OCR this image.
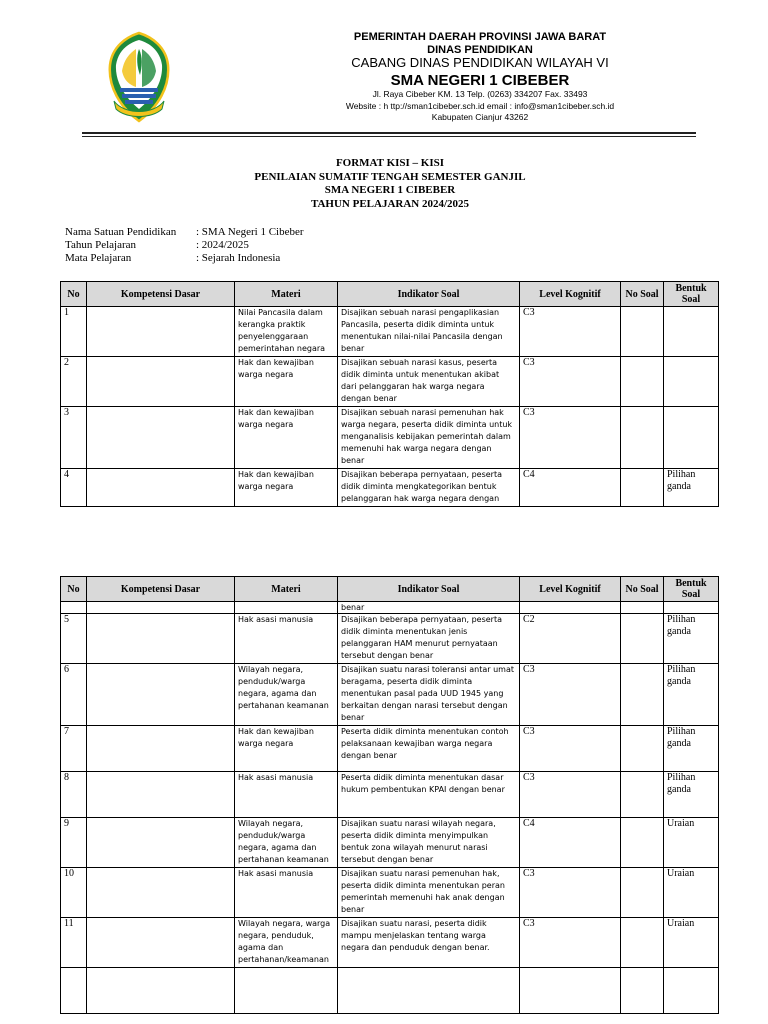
PEMERINTAH DAERAH PROVINSI JAWA BARAT
DINAS PENDIDIKAN
CABANG DINAS PENDIDIKAN WILAYAH VI
SMA NEGERI 1 CIBEBER
Jl. Raya Cibeber KM. 13 Telp. (0263) 334207 Fax. 33493
Website : h ttp://sman1cibeber.sch.id email : info@sman1cibeber.sch.id
Kabupaten Cianjur 43262
FORMAT KISI – KISI
PENILAIAN SUMATIF TENGAH SEMESTER GANJIL
SMA NEGERI 1 CIBEBER
TAHUN PELAJARAN 2024/2025
Nama Satuan Pendidikan	: SMA Negeri 1 Cibeber
Tahun Pelajaran	: 2024/2025
Mata Pelajaran	: Sejarah Indonesia
No	Kompetensi Dasar	Materi	Indikator Soal	Level Kognitif	No Soal	Bentuk Soal

1		Nilai Pancasila dalam kerangka praktik penyelenggaraan pemerintahan negara	Disajikan sebuah narasi pengaplikasian Pancasila, peserta didik diminta untuk menentukan nilai-nilai Pancasila dengan benar	C3		

2		Hak dan kewajiban warga negara	Disajikan sebuah narasi kasus, peserta didik diminta untuk menentukan akibat dari pelanggaran hak warga negara dengan benar	C3		

3		Hak dan kewajiban warga negara	Disajikan sebuah narasi pemenuhan hak warga negara, peserta didik diminta untuk menganalisis kebijakan pemerintah dalam memenuhi hak warga negara dengan benar	C3		

4		Hak dan kewajiban warga negara	Disajikan beberapa pernyataan, peserta didik diminta mengkategorikan bentuk pelanggaran hak warga negara dengan	C4		Pilihan ganda
No	Kompetensi Dasar	Materi	Indikator Soal	Level Kognitif	No Soal	Bentuk Soal

			benar			

5		Hak asasi manusia	Disajikan beberapa pernyataan, peserta didik diminta menentukan jenis pelanggaran HAM menurut pernyataan tersebut dengan benar	C2		Pilihan ganda

6		Wilayah negara, penduduk/warga negara, agama dan pertahanan keamanan	Disajikan suatu narasi toleransi antar umat beragama, peserta didik diminta menentukan pasal pada UUD 1945 yang berkaitan dengan narasi tersebut dengan benar	C3		Pilihan ganda

7		Hak dan kewajiban warga negara	Peserta didik diminta menentukan contoh pelaksanaan kewajiban warga negara dengan benar	C3		Pilihan ganda

8		Hak asasi manusia	Peserta didik diminta menentukan dasar hukum pembentukan KPAI dengan benar	C3		Pilihan ganda

9		Wilayah negara, penduduk/warga negara, agama dan pertahanan keamanan	Disajikan suatu narasi wilayah negara, peserta didik diminta menyimpulkan bentuk zona wilayah menurut narasi tersebut dengan benar	C4		Uraian

10		Hak asasi manusia	Disajikan suatu narasi pemenuhan hak, peserta didik diminta menentukan peran pemerintah memenuhi hak anak dengan benar	C3		Uraian

11		Wilayah negara, warga negara, penduduk, agama dan pertahanan/keamanan	Disajikan suatu narasi, peserta didik mampu menjelaskan tentang warga negara dan penduduk dengan benar.	C3		Uraian
